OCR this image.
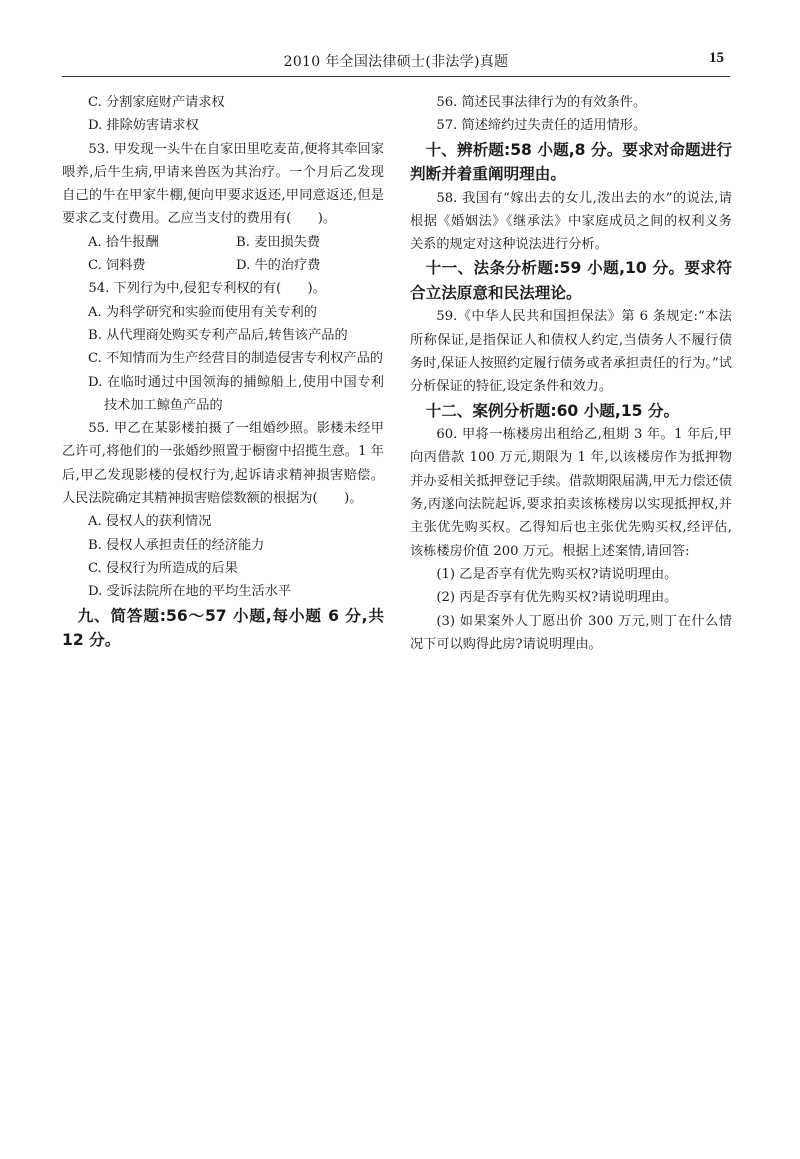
2010 年全国法律硕士(非法学)真题	15

C. 分割家庭财产请求权

D. 排除妨害请求权

53. 甲发现一头牛在自家田里吃麦苗,便将其牵回家喂养,后牛生病,甲请来兽医为其治疗。一个月后乙发现自己的牛在甲家牛棚,便向甲要求返还,甲同意返还,但是要求乙支付费用。乙应当支付的费用有(　　)。

A. 拾牛报酬	B. 麦田损失费
C. 饲料费	D. 牛的治疗费

54. 下列行为中,侵犯专利权的有(　　)。

A. 为科学研究和实验而使用有关专利的

B. 从代理商处购买专利产品后,转售该产品的

C. 不知情而为生产经营目的制造侵害专利权产品的

D. 在临时通过中国领海的捕鲸船上,使用中国专利技术加工鲸鱼产品的

55. 甲乙在某影楼拍摄了一组婚纱照。影楼未经甲乙许可,将他们的一张婚纱照置于橱窗中招揽生意。1 年后,甲乙发现影楼的侵权行为,起诉请求精神损害赔偿。人民法院确定其精神损害赔偿数额的根据为(　　)。

A. 侵权人的获利情况

B. 侵权人承担责任的经济能力

C. 侵权行为所造成的后果

D. 受诉法院所在地的平均生活水平

九、简答题:56～57 小题,每小题 6 分,共 12 分。

56. 简述民事法律行为的有效条件。

57. 简述缔约过失责任的适用情形。

十、辨析题:58 小题,8 分。要求对命题进行判断并着重阐明理由。

58. 我国有“嫁出去的女儿,泼出去的水”的说法,请根据《婚姻法》《继承法》中家庭成员之间的权利义务关系的规定对这种说法进行分析。

十一、法条分析题:59 小题,10 分。要求符合立法原意和民法理论。

59.《中华人民共和国担保法》第 6 条规定:“本法所称保证,是指保证人和债权人约定,当债务人不履行债务时,保证人按照约定履行债务或者承担责任的行为。”试分析保证的特征,设定条件和效力。

十二、案例分析题:60 小题,15 分。

60. 甲将一栋楼房出租给乙,租期 3 年。1 年后,甲向丙借款 100 万元,期限为 1 年,以该楼房作为抵押物并办妥相关抵押登记手续。借款期限届满,甲无力偿还债务,丙遂向法院起诉,要求拍卖该栋楼房以实现抵押权,并主张优先购买权。乙得知后也主张优先购买权,经评估,该栋楼房价值 200 万元。根据上述案情,请回答:

(1) 乙是否享有优先购买权?请说明理由。

(2) 丙是否享有优先购买权?请说明理由。

(3) 如果案外人丁愿出价 300 万元,则丁在什么情况下可以购得此房?请说明理由。
